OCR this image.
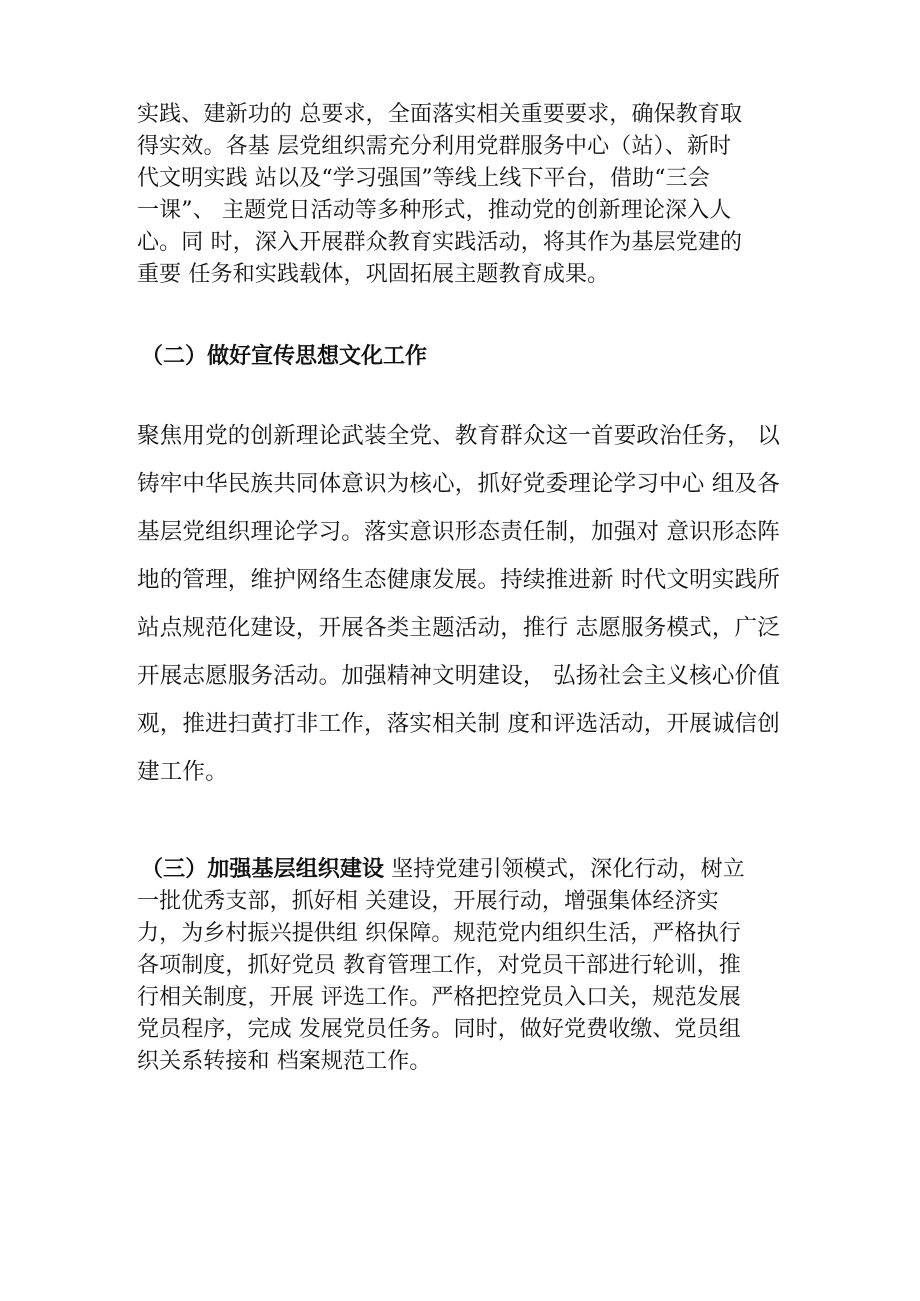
实践、建新功的 总要求，全面落实相关重要要求，确保教育取
得实效。各基 层党组织需充分利用党群服务中心（站）、新时
代文明实践 站以及“学习强国”等线上线下平台，借助“三会
一课”、 主题党日活动等多种形式，推动党的创新理论深入人
心。同 时，深入开展群众教育实践活动，将其作为基层党建的
重要 任务和实践载体，巩固拓展主题教育成果。
（二）做好宣传思想文化工作
聚焦用党的创新理论武装全党、教育群众这一首要政治任务， 以
铸牢中华民族共同体意识为核心，抓好党委理论学习中心 组及各
基层党组织理论学习。落实意识形态责任制，加强对 意识形态阵
地的管理，维护网络生态健康发展。持续推进新 时代文明实践所
站点规范化建设，开展各类主题活动，推行 志愿服务模式，广泛
开展志愿服务活动。加强精神文明建设， 弘扬社会主义核心价值
观，推进扫黄打非工作，落实相关制 度和评选活动，开展诚信创
建工作。
（三）加强基层组织建设 坚持党建引领模式，深化行动，树立
一批优秀支部，抓好相 关建设，开展行动，增强集体经济实
力，为乡村振兴提供组 织保障。规范党内组织生活，严格执行
各项制度，抓好党员 教育管理工作，对党员干部进行轮训，推
行相关制度，开展 评选工作。严格把控党员入口关，规范发展
党员程序，完成 发展党员任务。同时，做好党费收缴、党员组
织关系转接和 档案规范工作。
